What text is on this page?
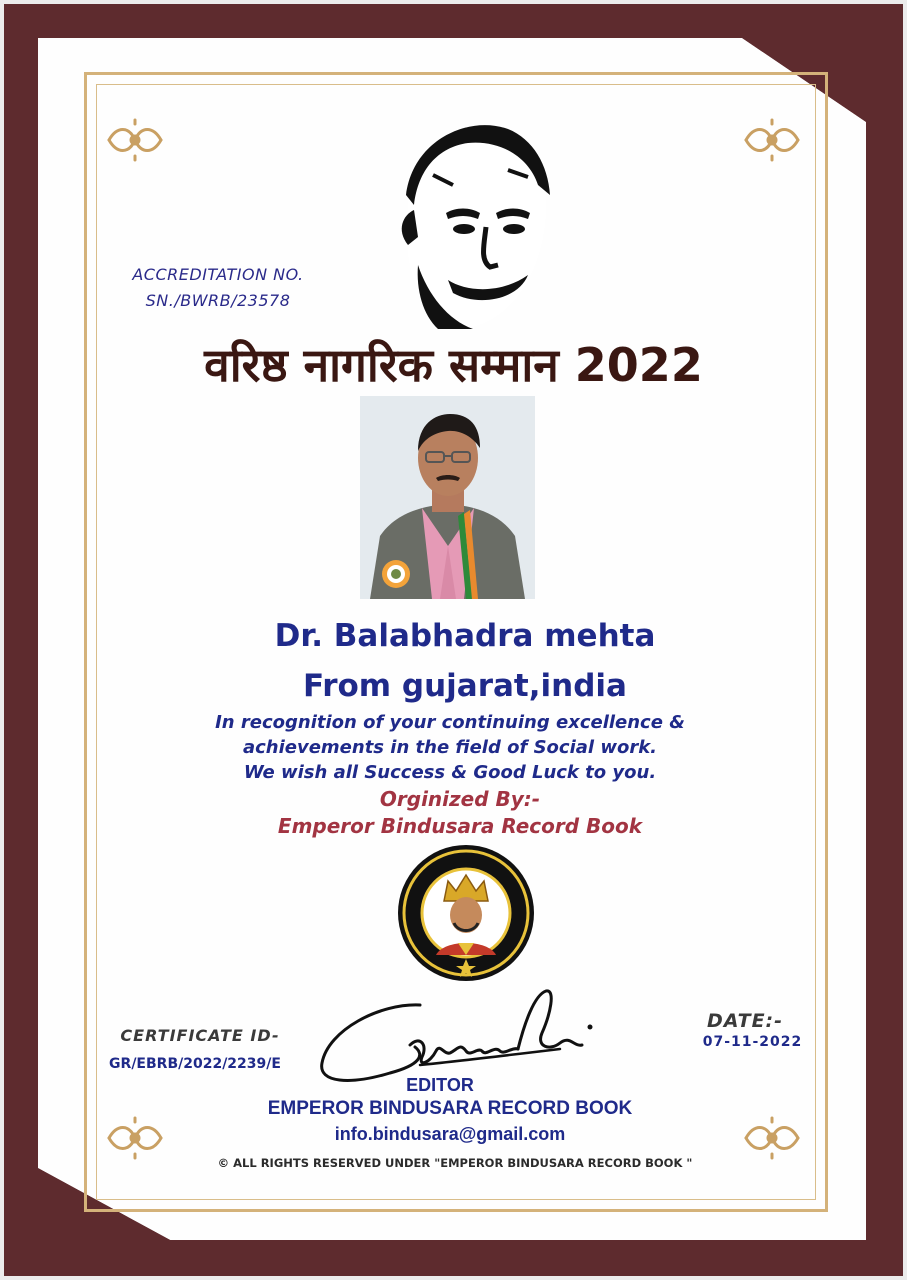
ACCREDITATION NO.
SN./BWRB/23578
वरिष्ठ नागरिक सम्मान 2022
Dr. Balabhadra mehta
From gujarat,india
In recognition of your continuing excellence &
achievements in the field of Social work.
We wish all Success & Good Luck to you.
Orginized By:-
Emperor Bindusara Record Book
CERTIFICATE ID-
GR/EBRB/2022/2239/E
DATE:-
07-11-2022
EDITOR
EMPEROR BINDUSARA RECORD BOOK
info.bindusara@gmail.com
© ALL RIGHTS RESERVED UNDER "EMPEROR BINDUSARA RECORD BOOK "
